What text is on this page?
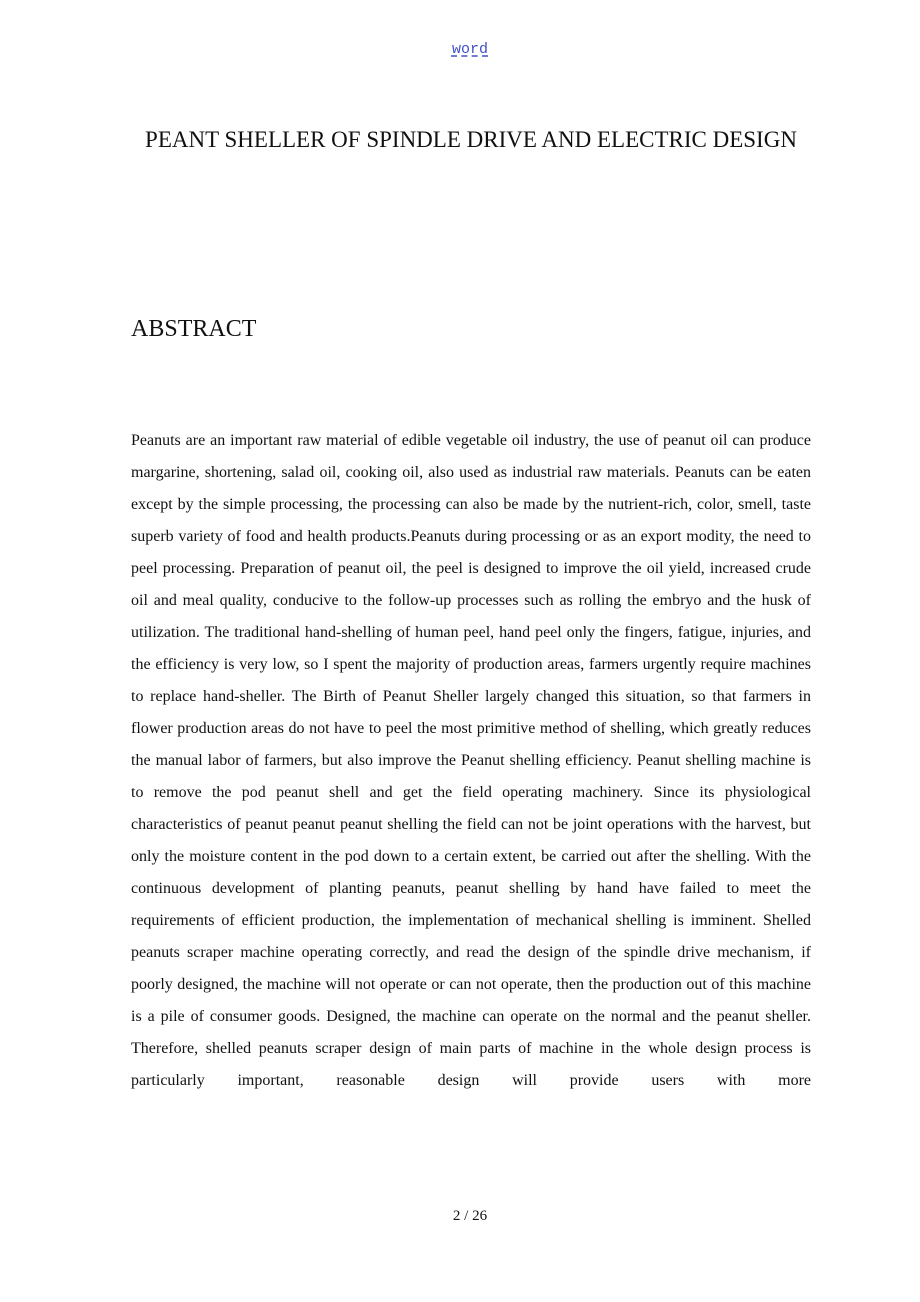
word
PEANT SHELLER OF SPINDLE DRIVE AND ELECTRIC DESIGN
ABSTRACT

Peanuts are an important raw material of edible vegetable oil industry, the use of peanut oil can produce margarine, shortening, salad oil, cooking oil, also used as industrial raw materials. Peanuts can be eaten except by the simple processing, the processing can also be made by the nutrient-rich, color, smell, taste superb variety of food and health products.Peanuts during processing or as an export modity, the need to peel processing. Preparation of peanut oil, the peel is designed to improve the oil yield, increased crude oil and meal quality, conducive to the follow-up processes such as rolling the embryo and the husk of utilization. The traditional hand-shelling of human peel, hand peel only the fingers, fatigue, injuries, and the efficiency is very low, so I spent the majority of production areas, farmers urgently require machines to replace hand-sheller. The Birth of Peanut Sheller largely changed this situation, so that farmers in flower production areas do not have to peel the most primitive method of shelling, which greatly reduces the manual labor of farmers, but also improve the Peanut shelling efficiency. Peanut shelling machine is to remove the pod peanut shell and get the field operating machinery. Since its physiological characteristics of peanut peanut peanut shelling the field can not be joint operations with the harvest, but only the moisture content in the pod down to a certain extent, be carried out after the shelling. With the continuous development of planting peanuts, peanut shelling by hand have failed to meet the requirements of efficient production, the implementation of mechanical shelling is imminent. Shelled peanuts scraper machine operating correctly, and read the design of the spindle drive mechanism, if poorly designed, the machine will not operate or can not operate, then the production out of this machine is a pile of consumer goods. Designed, the machine can operate on the normal and the peanut sheller. Therefore, shelled peanuts scraper design of main parts of machine in the whole design process is particularly important, reasonable design will provide users with more

2 / 26
